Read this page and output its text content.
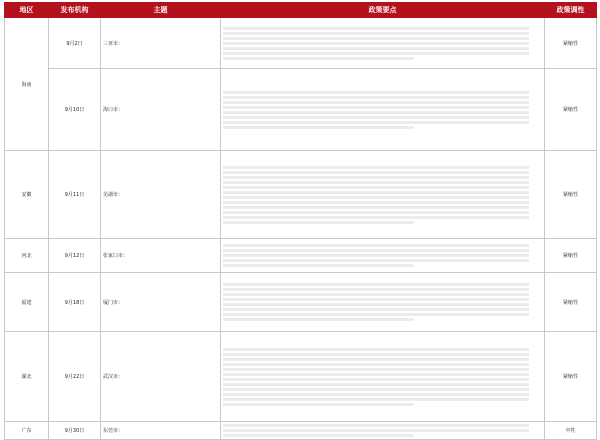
地区	发布机构	主题	政策要点	政策调性
海南	9月2日	三亚市：		紧缩性
	9月10日	海口市：		紧缩性
安徽	9月11日	芜湖市：		紧缩性
河北	9月12日	张家口市：		紧缩性
福建	9月18日	厦门市：		紧缩性
湖北	9月22日	武汉市：		紧缩性
广东	9月30日	东莞市：		中性
